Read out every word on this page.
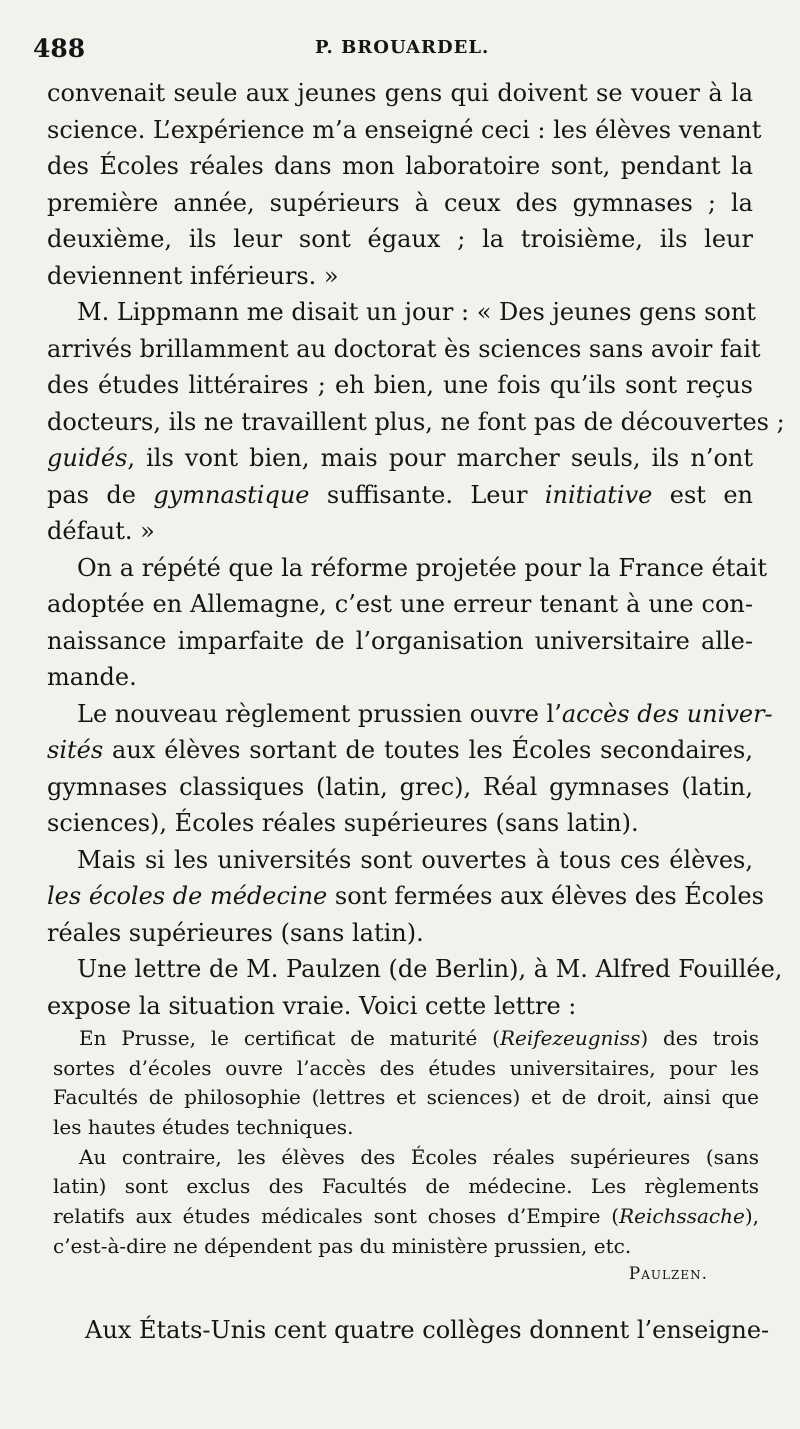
488	P. BROUARDEL.
convenait seule aux jeunes gens qui doivent se vouer à la
science. L’expérience m’a enseigné ceci : les élèves venant
des Écoles réales dans mon laboratoire sont, pendant la
première année, supérieurs à ceux des gymnases ; la
deuxième, ils leur sont égaux ; la troisième, ils leur
deviennent inférieurs. »
M. Lippmann me disait un jour : « Des jeunes gens sont
arrivés brillamment au doctorat ès sciences sans avoir fait
des études littéraires ; eh bien, une fois qu’ils sont reçus
docteurs, ils ne travaillent plus, ne font pas de découvertes ;
guidés, ils vont bien, mais pour marcher seuls, ils n’ont
pas de gymnastique suffisante. Leur initiative est en
défaut. »
On a répété que la réforme projetée pour la France était
adoptée en Allemagne, c’est une erreur tenant à une con-
naissance imparfaite de l’organisation universitaire alle-
mande.
Le nouveau règlement prussien ouvre l’accès des univer-
sités aux élèves sortant de toutes les Écoles secondaires,
gymnases classiques (latin, grec), Réal gymnases (latin,
sciences), Écoles réales supérieures (sans latin).
Mais si les universités sont ouvertes à tous ces élèves,
les écoles de médecine sont fermées aux élèves des Écoles
réales supérieures (sans latin).
Une lettre de M. Paulzen (de Berlin), à M. Alfred Fouillée,
expose la situation vraie. Voici cette lettre :
En Prusse, le certificat de maturité (Reifezeugniss) des trois
sortes d’écoles ouvre l’accès des études universitaires, pour les
Facultés de philosophie (lettres et sciences) et de droit, ainsi que
les hautes études techniques.
Au contraire, les élèves des Écoles réales supérieures (sans
latin) sont exclus des Facultés de médecine. Les règlements
relatifs aux études médicales sont choses d’Empire (Reichssache),
c’est-à-dire ne dépendent pas du ministère prussien, etc.
Paulzen.
Aux États-Unis cent quatre collèges donnent l’enseigne-
